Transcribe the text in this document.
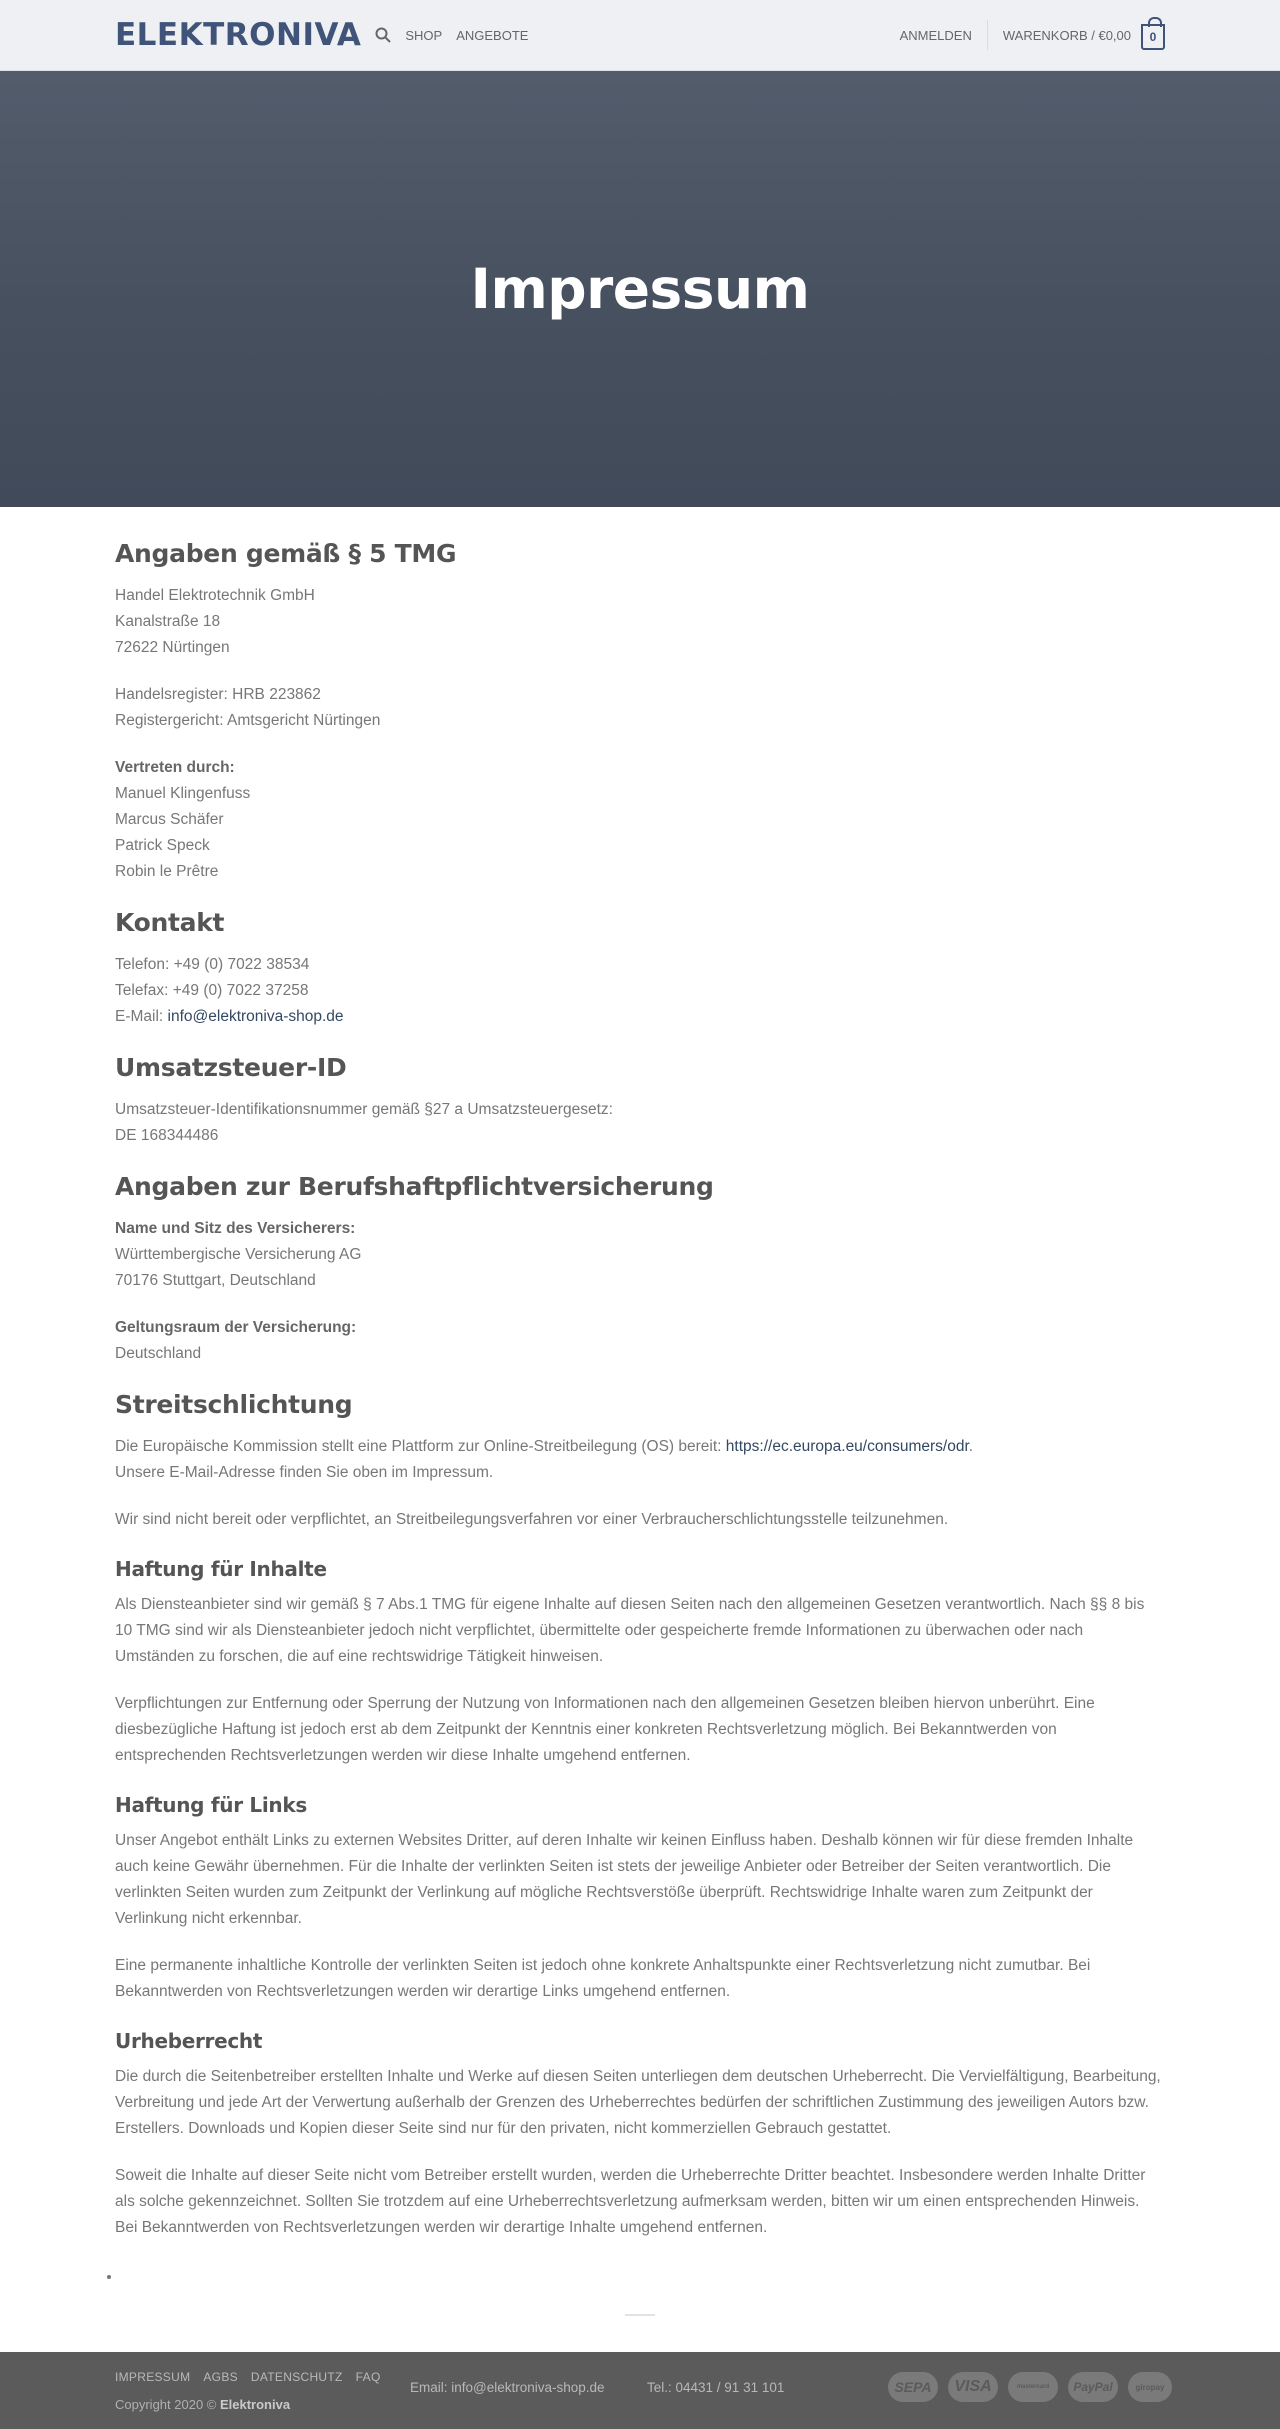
ELEKTRONIVA	SHOP ANGEBOTE	ANMELDEN WARENKORB / €0,00	0
Impressum
Angaben gemäß § 5 TMG

Handel Elektrotechnik GmbH
Kanalstraße 18
72622 Nürtingen

Handelsregister: HRB 223862
Registergericht: Amtsgericht Nürtingen

Vertreten durch:
Manuel Klingenfuss
Marcus Schäfer
Patrick Speck
Robin le Prêtre

Kontakt

Telefon: +49 (0) 7022 38534
Telefax: +49 (0) 7022 37258
E-Mail: info@elektroniva-shop.de

Umsatzsteuer-ID

Umsatzsteuer-Identifikationsnummer gemäß §27 a Umsatzsteuergesetz:
DE 168344486

Angaben zur Berufshaftpflichtversicherung

Name und Sitz des Versicherers:
Württembergische Versicherung AG
70176 Stuttgart, Deutschland

Geltungsraum der Versicherung:
Deutschland

Streitschlichtung

Die Europäische Kommission stellt eine Plattform zur Online-Streitbeilegung (OS) bereit: https://ec.europa.eu/consumers/odr.
Unsere E-Mail-Adresse finden Sie oben im Impressum.

Wir sind nicht bereit oder verpflichtet, an Streitbeilegungsverfahren vor einer Verbraucherschlichtungsstelle teilzunehmen.

Haftung für Inhalte

Als Diensteanbieter sind wir gemäß § 7 Abs.1 TMG für eigene Inhalte auf diesen Seiten nach den allgemeinen Gesetzen verantwortlich. Nach §§ 8 bis 10 TMG sind wir als Diensteanbieter jedoch nicht verpflichtet, übermittelte oder gespeicherte fremde Informationen zu überwachen oder nach Umständen zu forschen, die auf eine rechtswidrige Tätigkeit hinweisen.

Verpflichtungen zur Entfernung oder Sperrung der Nutzung von Informationen nach den allgemeinen Gesetzen bleiben hiervon unberührt. Eine diesbezügliche Haftung ist jedoch erst ab dem Zeitpunkt der Kenntnis einer konkreten Rechtsverletzung möglich. Bei Bekanntwerden von entsprechenden Rechtsverletzungen werden wir diese Inhalte umgehend entfernen.

Haftung für Links

Unser Angebot enthält Links zu externen Websites Dritter, auf deren Inhalte wir keinen Einfluss haben. Deshalb können wir für diese fremden Inhalte auch keine Gewähr übernehmen. Für die Inhalte der verlinkten Seiten ist stets der jeweilige Anbieter oder Betreiber der Seiten verantwortlich. Die verlinkten Seiten wurden zum Zeitpunkt der Verlinkung auf mögliche Rechtsverstöße überprüft. Rechtswidrige Inhalte waren zum Zeitpunkt der Verlinkung nicht erkennbar.

Eine permanente inhaltliche Kontrolle der verlinkten Seiten ist jedoch ohne konkrete Anhaltspunkte einer Rechtsverletzung nicht zumutbar. Bei Bekanntwerden von Rechtsverletzungen werden wir derartige Links umgehend entfernen.

Urheberrecht

Die durch die Seitenbetreiber erstellten Inhalte und Werke auf diesen Seiten unterliegen dem deutschen Urheberrecht. Die Vervielfältigung, Bearbeitung, Verbreitung und jede Art der Verwertung außerhalb der Grenzen des Urheberrechtes bedürfen der schriftlichen Zustimmung des jeweiligen Autors bzw. Erstellers. Downloads und Kopien dieser Seite sind nur für den privaten, nicht kommerziellen Gebrauch gestattet.

Soweit die Inhalte auf dieser Seite nicht vom Betreiber erstellt wurden, werden die Urheberrechte Dritter beachtet. Insbesondere werden Inhalte Dritter als solche gekennzeichnet. Sollten Sie trotzdem auf eine Urheberrechtsverletzung aufmerksam werden, bitten wir um einen entsprechenden Hinweis. Bei Bekanntwerden von Rechtsverletzungen werden wir derartige Inhalte umgehend entfernen.

•
IMPRESSUM AGBS DATENSCHUTZ FAQ
Copyright 2020 © Elektroniva
Email: info@elektroniva-shop.de	Tel.: 04431 / 91 31 101	SEPA	VISA	mastercard	PayPal	giropay
